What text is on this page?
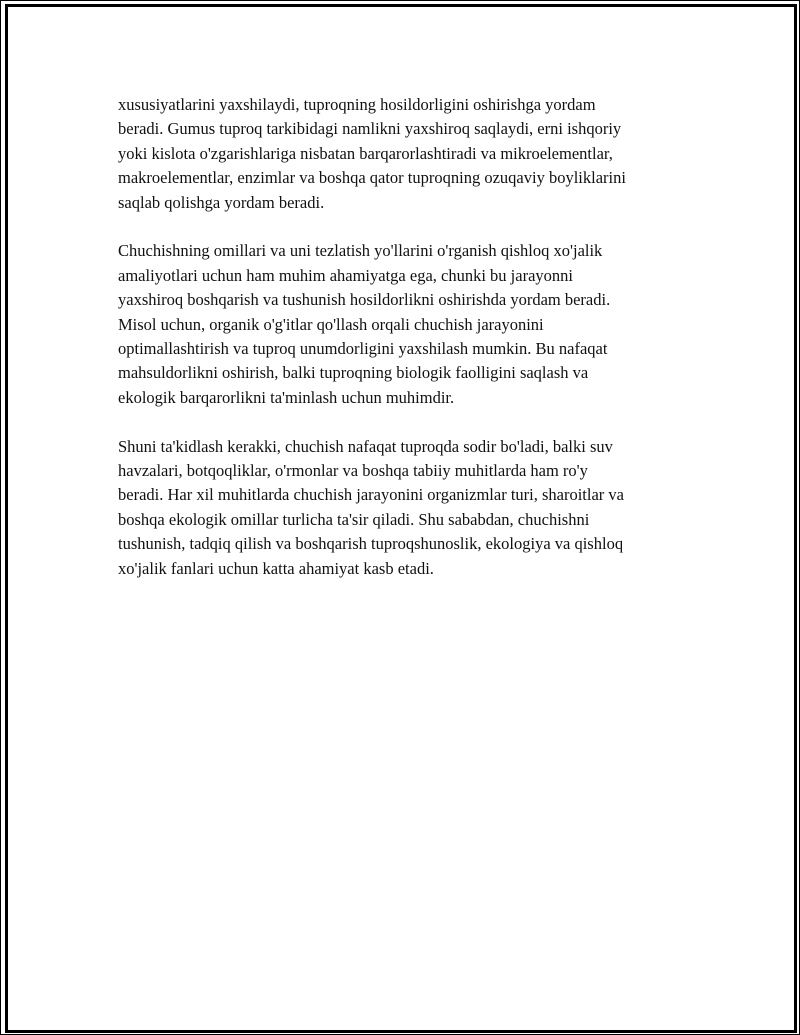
xususiyatlarini yaxshilaydi, tuproqning hosildorligini oshirishga yordam
beradi. Gumus tuproq tarkibidagi namlikni yaxshiroq saqlaydi, erni ishqoriy
yoki kislota o'zgarishlariga nisbatan barqarorlashtiradi va mikroelementlar,
makroelementlar, enzimlar va boshqa qator tuproqning ozuqaviy boyliklarini
saqlab qolishga yordam beradi.

Chuchishning omillari va uni tezlatish yo'llarini o'rganish qishloq xo'jalik
amaliyotlari uchun ham muhim ahamiyatga ega, chunki bu jarayonni
yaxshiroq boshqarish va tushunish hosildorlikni oshirishda yordam beradi.
Misol uchun, organik o'g'itlar qo'llash orqali chuchish jarayonini
optimallashtirish va tuproq unumdorligini yaxshilash mumkin. Bu nafaqat
mahsuldorlikni oshirish, balki tuproqning biologik faolligini saqlash va
ekologik barqarorlikni ta'minlash uchun muhimdir.

Shuni ta'kidlash kerakki, chuchish nafaqat tuproqda sodir bo'ladi, balki suv
havzalari, botqoqliklar, o'rmonlar va boshqa tabiiy muhitlarda ham ro'y
beradi. Har xil muhitlarda chuchish jarayonini organizmlar turi, sharoitlar va
boshqa ekologik omillar turlicha ta'sir qiladi. Shu sababdan, chuchishni
tushunish, tadqiq qilish va boshqarish tuproqshunoslik, ekologiya va qishloq
xo'jalik fanlari uchun katta ahamiyat kasb etadi.
